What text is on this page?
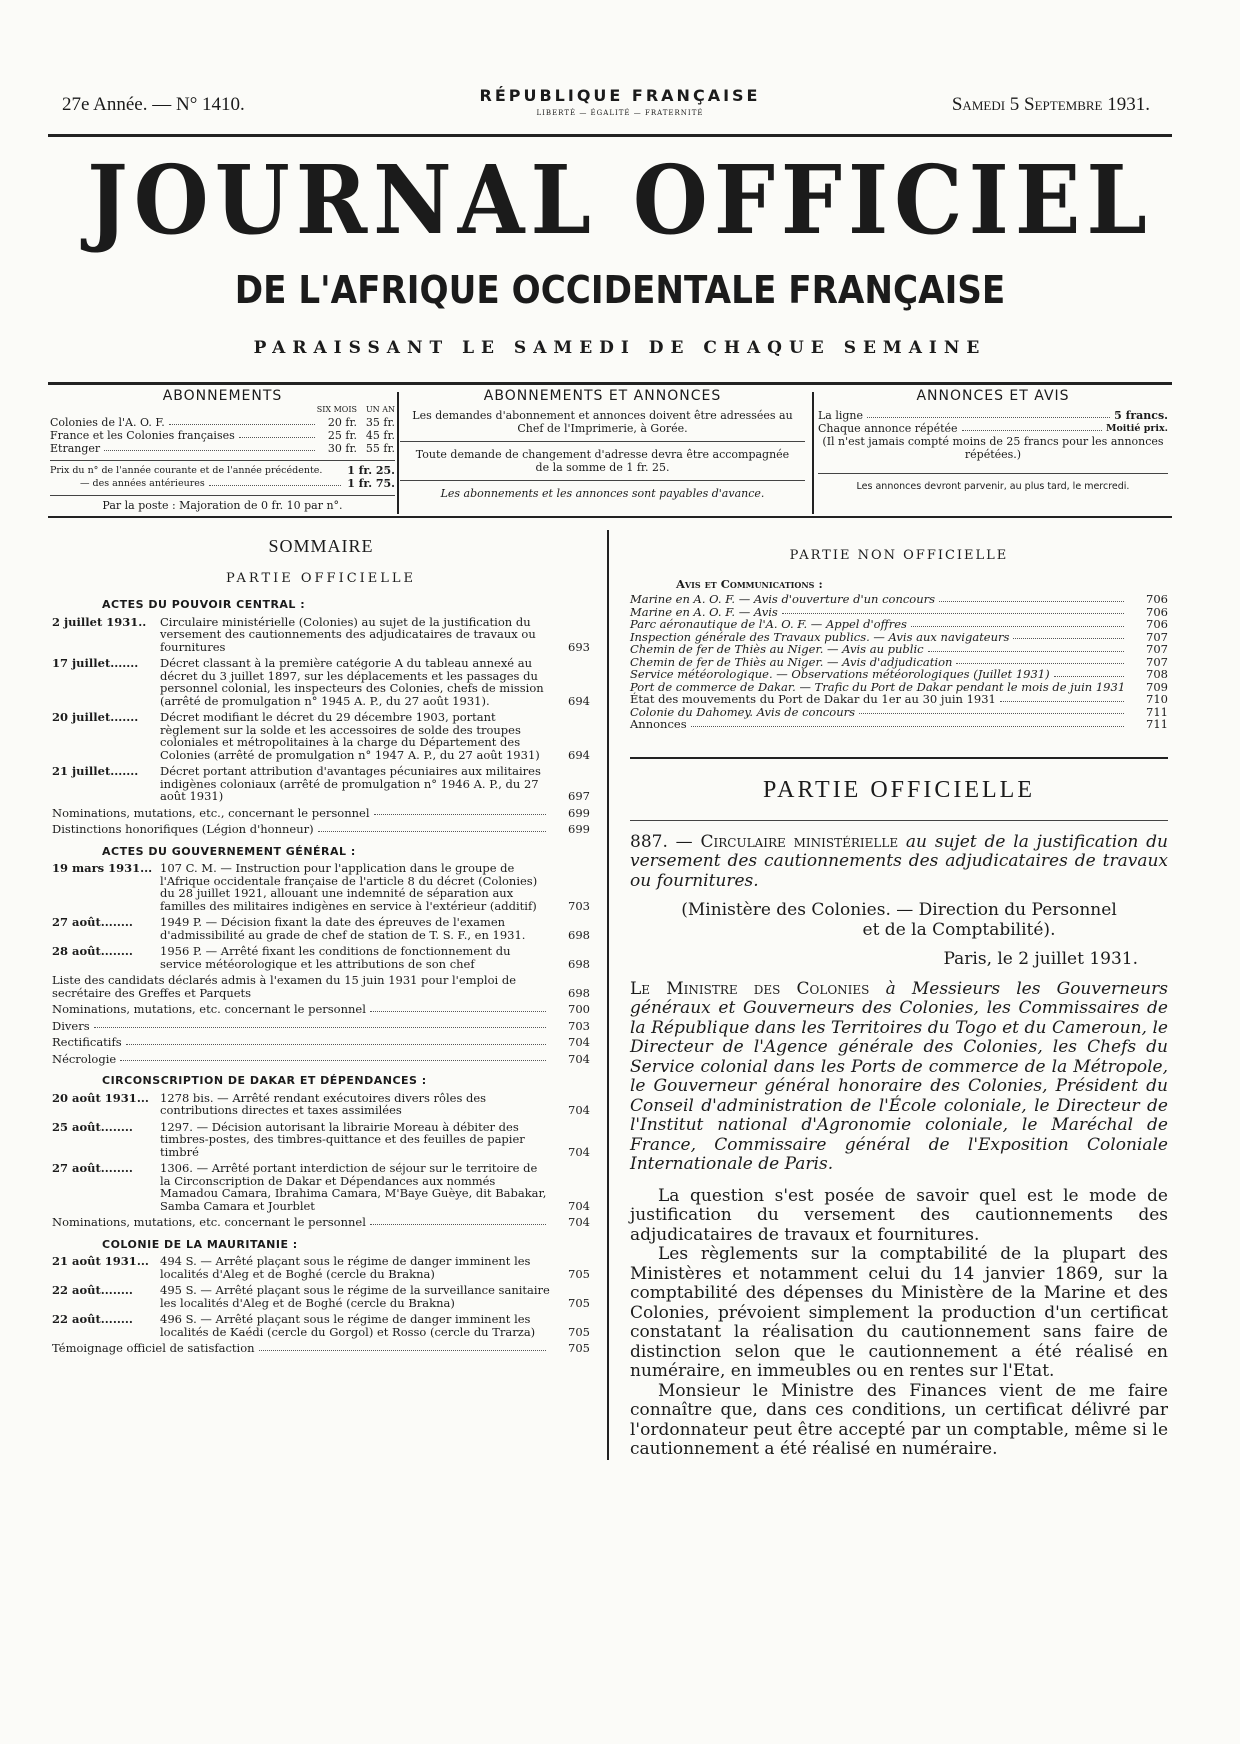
27e Année. — N° 1410.	RÉPUBLIQUE FRANÇAISE
LIBERTÉ — ÉGALITÉ — FRATERNITÉ	Samedi 5 Septembre 1931.
JOURNAL OFFICIEL
DE L'AFRIQUE OCCIDENTALE FRANÇAISE
PARAISSANT LE SAMEDI DE CHAQUE SEMAINE
ABONNEMENTS
SIX MOIS	UN AN
Colonies de l'A. O. F.	20 fr. 35 fr.
France et les Colonies françaises	25 fr. 45 fr.
Etranger	30 fr. 55 fr.
Prix du n° de l'année courante et de l'année précédente. 1 fr. 25.
— des années antérieures	1 fr. 75.
Par la poste : Majoration de 0 fr. 10 par n°.
ABONNEMENTS ET ANNONCES
Les demandes d'abonnement et annonces doivent être adressées au Chef de l'Imprimerie, à Gorée.
Toute demande de changement d'adresse devra être accompagnée de la somme de 1 fr. 25.
Les abonnements et les annonces sont payables d'avance.
ANNONCES ET AVIS
La ligne	5 francs.
Chaque annonce répétée	Moitié prix.
(Il n'est jamais compté moins de 25 francs pour les annonces répétées.)
Les annonces devront parvenir, au plus tard, le mercredi.
SOMMAIRE
PARTIE OFFICIELLE
ACTES DU POUVOIR CENTRAL :
2 juillet 1931..	Circulaire ministérielle (Colonies) au sujet de la justification du versement des cautionnements des adjudicataires de travaux ou fournitures	693
17 juillet.......	Décret classant à la première catégorie A du tableau annexé au décret du 3 juillet 1897, sur les déplacements et les passages du personnel colonial, les inspecteurs des Colonies, chefs de mission (arrêté de promulgation n° 1945 A. P., du 27 août 1931).	694
20 juillet.......	Décret modifiant le décret du 29 décembre 1903, portant règlement sur la solde et les accessoires de solde des troupes coloniales et métropolitaines à la charge du Département des Colonies (arrêté de promulgation n° 1947 A. P., du 27 août 1931)	694
21 juillet.......	Décret portant attribution d'avantages pécuniaires aux militaires indigènes coloniaux (arrêté de promulgation n° 1946 A. P., du 27 août 1931)	697
Nominations, mutations, etc., concernant le personnel	699
Distinctions honorifiques (Légion d'honneur)	699
ACTES DU GOUVERNEMENT GÉNÉRAL :
19 mars 1931... 107 C. M. — Instruction pour l'application dans le groupe de l'Afrique occidentale française de l'article 8 du décret (Colonies) du 28 juillet 1921, allouant une indemnité de séparation aux familles des militaires indigènes en service à l'extérieur (additif)	703
27 août........	1949 P. — Décision fixant la date des épreuves de l'examen d'admissibilité au grade de chef de station de T. S. F., en 1931.	698
28 août........	1956 P. — Arrêté fixant les conditions de fonctionnement du service météorologique et les attributions de son chef	698
Liste des candidats déclarés admis à l'examen du 15 juin 1931 pour l'emploi de secrétaire des Greffes et Parquets	698
Nominations, mutations, etc. concernant le personnel	700
Divers	703
Rectificatifs	704
Nécrologie	704
CIRCONSCRIPTION DE DAKAR ET DÉPENDANCES :
20 août 1931... 1278 bis. — Arrêté rendant exécutoires divers rôles des contributions directes et taxes assimilées	704
25 août........	1297. — Décision autorisant la librairie Moreau à débiter des timbres-postes, des timbres-quittance et des feuilles de papier timbré	704
27 août........	1306. — Arrêté portant interdiction de séjour sur le territoire de la Circonscription de Dakar et Dépendances aux nommés Mamadou Camara, Ibrahima Camara, M'Baye Guèye, dit Babakar, Samba Camara et Jourblet	704
Nominations, mutations, etc. concernant le personnel	704
COLONIE DE LA MAURITANIE :
21 août 1931... 494 S. — Arrêté plaçant sous le régime de danger imminent les localités d'Aleg et de Boghé (cercle du Brakna)	705
22 août........	495 S. — Arrêté plaçant sous le régime de la surveillance sanitaire les localités d'Aleg et de Boghé (cercle du Brakna)	705
22 août........	496 S. — Arrêté plaçant sous le régime de danger imminent les localités de Kaédi (cercle du Gorgol) et Rosso (cercle du Trarza)	705
Témoignage officiel de satisfaction	705
PARTIE NON OFFICIELLE
Avis et Communications :
Marine en A. O. F. — Avis d'ouverture d'un concours	706
Marine en A. O. F. — Avis	706
Parc aéronautique de l'A. O. F. — Appel d'offres	706
Inspection générale des Travaux publics. — Avis aux navigateurs	707
Chemin de fer de Thiès au Niger. — Avis au public	707
Chemin de fer de Thiès au Niger. — Avis d'adjudication	707
Service météorologique. — Observations météorologiques (Juillet 1931)	708
Port de commerce de Dakar. — Trafic du Port de Dakar pendant le mois de juin 1931	709
État des mouvements du Port de Dakar du 1er au 30 juin 1931	710
Colonie du Dahomey. Avis de concours	711
Annonces	711
PARTIE OFFICIELLE
887. — Circulaire ministérielle au sujet de la justification du versement des cautionnements des adjudicataires de travaux ou fournitures.
(Ministère des Colonies. — Direction du Personnel
et de la Comptabilité).
Paris, le 2 juillet 1931.
Le Ministre des Colonies à Messieurs les Gouverneurs généraux et Gouverneurs des Colonies, les Commissaires de la République dans les Territoires du Togo et du Cameroun, le Directeur de l'Agence générale des Colonies, les Chefs du Service colonial dans les Ports de commerce de la Métropole, le Gouverneur général honoraire des Colonies, Président du Conseil d'administration de l'École coloniale, le Directeur de l'Institut national d'Agronomie coloniale, le Maréchal de France, Commissaire général de l'Exposition Coloniale Internationale de Paris.

La question s'est posée de savoir quel est le mode de justification du versement des cautionnements des adjudicataires de travaux et fournitures.

Les règlements sur la comptabilité de la plupart des Ministères et notamment celui du 14 janvier 1869, sur la comptabilité des dépenses du Ministère de la Marine et des Colonies, prévoient simplement la production d'un certificat constatant la réalisation du cautionnement sans faire de distinction selon que le cautionnement a été réalisé en numéraire, en immeubles ou en rentes sur l'Etat.

Monsieur le Ministre des Finances vient de me faire connaître que, dans ces conditions, un certificat délivré par l'ordonnateur peut être accepté par un comptable, même si le cautionnement a été réalisé en numéraire.
